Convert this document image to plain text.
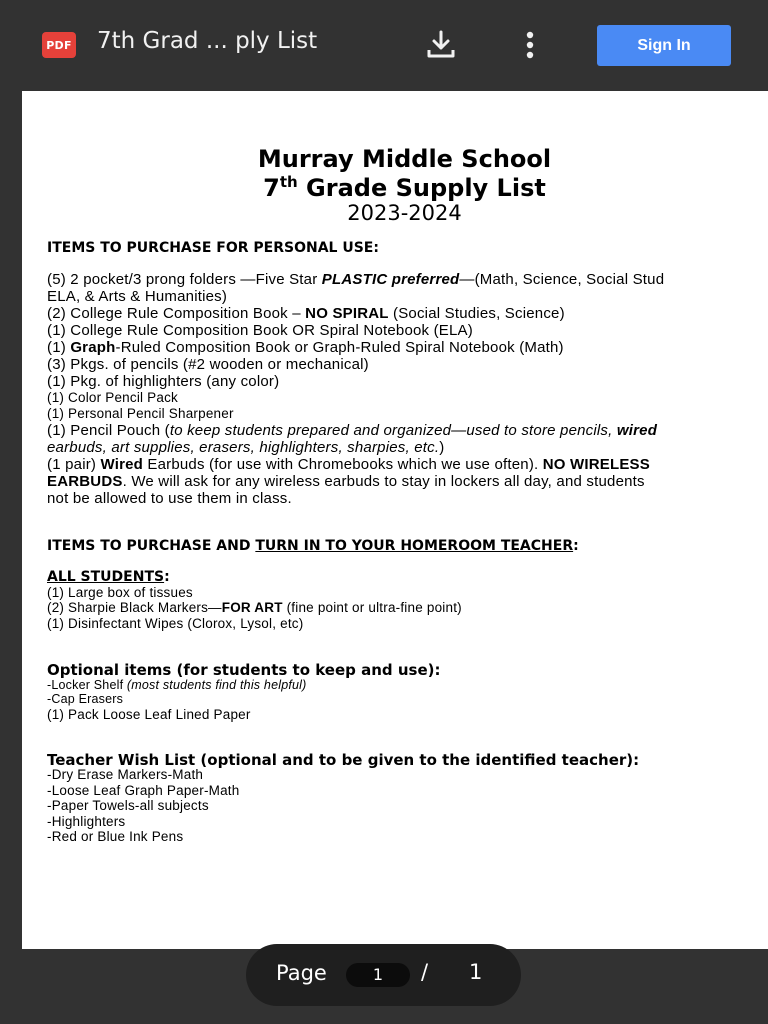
PDF 7th Grad ... ply List	Sign In
Murray Middle School
7th Grade Supply List
2023-2024
ITEMS TO PURCHASE FOR PERSONAL USE:
(5) 2 pocket/3 prong folders —Five Star PLASTIC preferred—(Math, Science, Social Stud
ELA, & Arts & Humanities)
(2) College Rule Composition Book – NO SPIRAL (Social Studies, Science)
(1) College Rule Composition Book OR Spiral Notebook (ELA)
(1) Graph-Ruled Composition Book or Graph-Ruled Spiral Notebook (Math)
(3) Pkgs. of pencils (#2 wooden or mechanical)
(1) Pkg. of highlighters (any color)
(1) Color Pencil Pack
(1) Personal Pencil Sharpener
(1) Pencil Pouch (to keep students prepared and organized—used to store pencils, wired
earbuds, art supplies, erasers, highlighters, sharpies, etc.)
(1 pair) Wired Earbuds (for use with Chromebooks which we use often). NO WIRELESS
EARBUDS. We will ask for any wireless earbuds to stay in lockers all day, and students
not be allowed to use them in class.
ITEMS TO PURCHASE AND TURN IN TO YOUR HOMEROOM TEACHER:
ALL STUDENTS:
(1) Large box of tissues
(2) Sharpie Black Markers—FOR ART (fine point or ultra-fine point)
(1) Disinfectant Wipes (Clorox, Lysol, etc)
Optional items (for students to keep and use):
-Locker Shelf (most students find this helpful)
-Cap Erasers
(1) Pack Loose Leaf Lined Paper
Teacher Wish List (optional and to be given to the identified teacher):
-Dry Erase Markers-Math
-Loose Leaf Graph Paper-Math
-Paper Towels-all subjects
-Highlighters
-Red or Blue Ink Pens
Page	1	/ 1
